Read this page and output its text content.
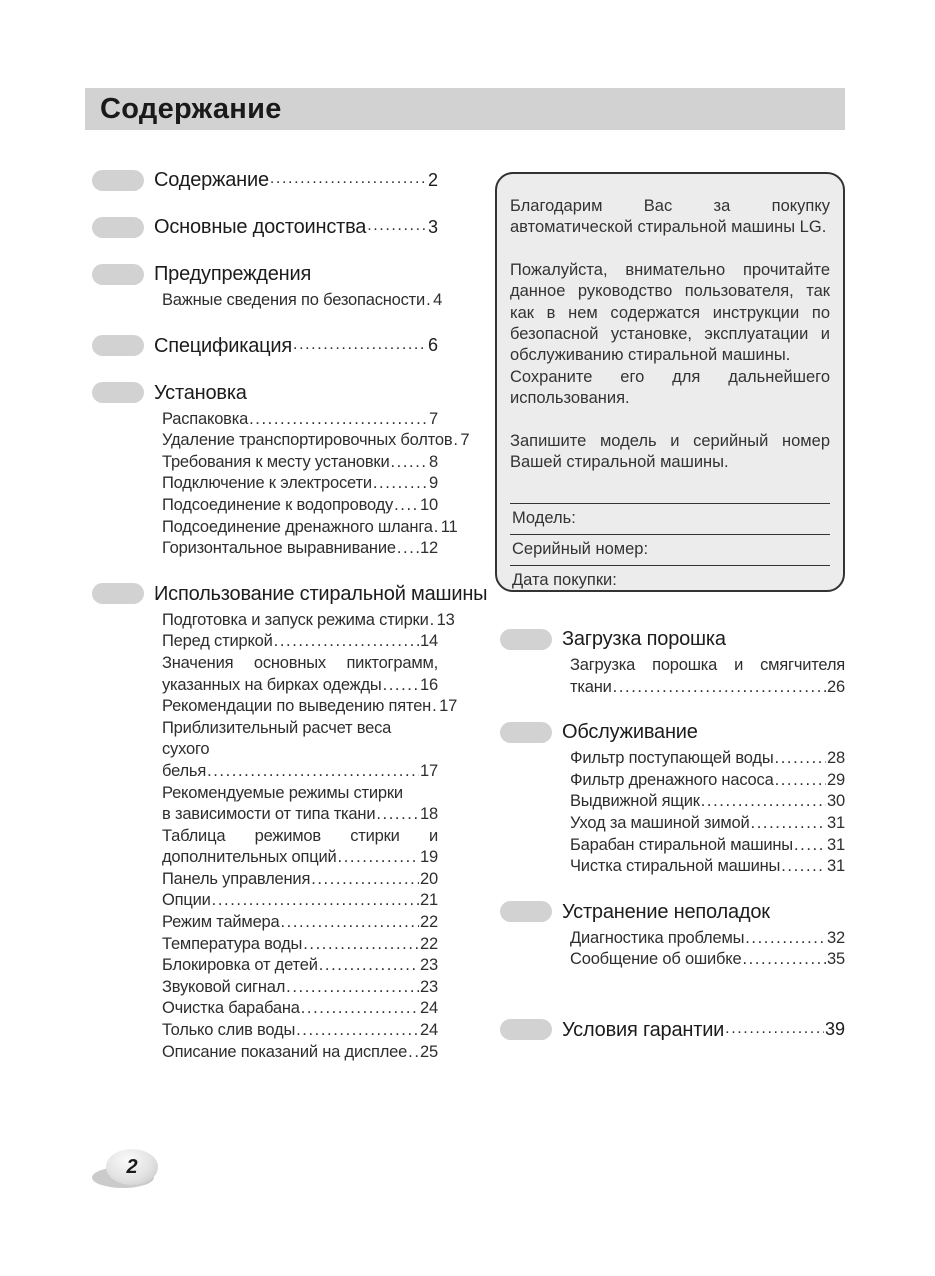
Содержание
Содержание .....	2
Основные достоинства .....	3
Предупреждения
Важные сведения по безопасности ..... 4
Спецификация .....	6
Установка
Распаковка .....	7
Удаление транспортировочных болтов ..... 7
Требования к месту установки ..... 8
Подключение к электросети .....	9
Подсоединение к водопроводу ..... 10
Подсоединение дренажного шланга ..... 11
Горизонтальное выравнивание ..... 12
Использование стиральной машины
Подготовка и запуск режима стирки ..... 13
Перед стиркой .....	14
Значения основных пиктограмм,
указанных на бирках одежды ..... 16
Рекомендации по выведению пятен ..... 17
Приблизительный расчет веса сухого
белья .....	17
Рекомендуемые режимы стирки
в зависимости от типа ткани .....	18
Таблица режимов стирки и
дополнительных опций .....	19
Панель управления .....	20
Опции .....	21
Режим таймера .....	22
Температура воды .....	22
Блокировка от детей .....	23
Звуковой сигнал .....	23
Очистка барабана .....	24
Только слив воды .....	24
Описание показаний на дисплее ..... 25

Благодарим Вас за покупку автоматической стиральной машины LG.

Пожалуйста, внимательно прочитайте данное руководство пользователя, так как в нем содержатся инструкции по безопасной установке, эксплуатации и обслуживанию стиральной машины.

Сохраните его для дальнейшего использования.

Запишите модель и серийный номер Вашей стиральной машины.

Модель:
Серийный номер:
Дата покупки:
Загрузка порошка
Загрузка порошка и смягчителя
ткани .....	26
Обслуживание
Фильтр поступающей воды .....	28
Фильтр дренажного насоса .....	29
Выдвижной ящик .....	30
Уход за машиной зимой .....	31
Барабан стиральной машины ..... 31
Чистка стиральной машины .....	31
Устранение неполадок
Диагностика проблемы .....	32
Сообщение об ошибке .....	35
Условия гарантии .....	39
2
